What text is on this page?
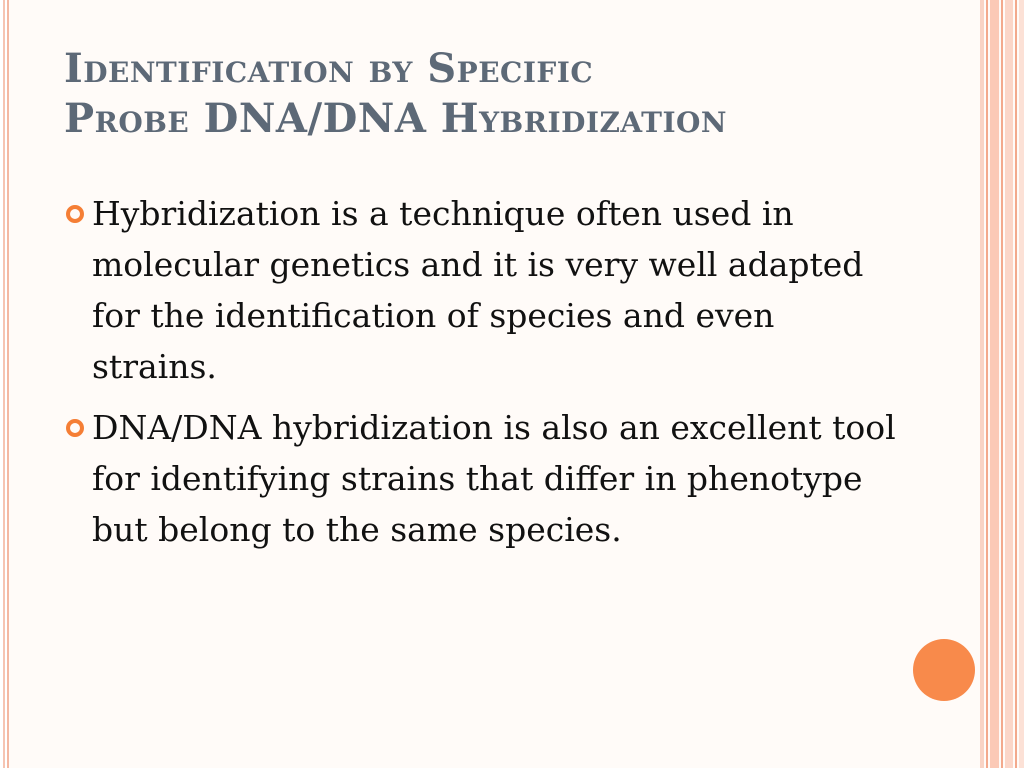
Identification by Specific
Probe DNA/DNA Hybridization
Hybridization is a technique often used in molecular genetics and it is very well adapted for the identification of species and even strains.
DNA/DNA hybridization is also an excellent tool for identifying strains that differ in phenotype but belong to the same species.
